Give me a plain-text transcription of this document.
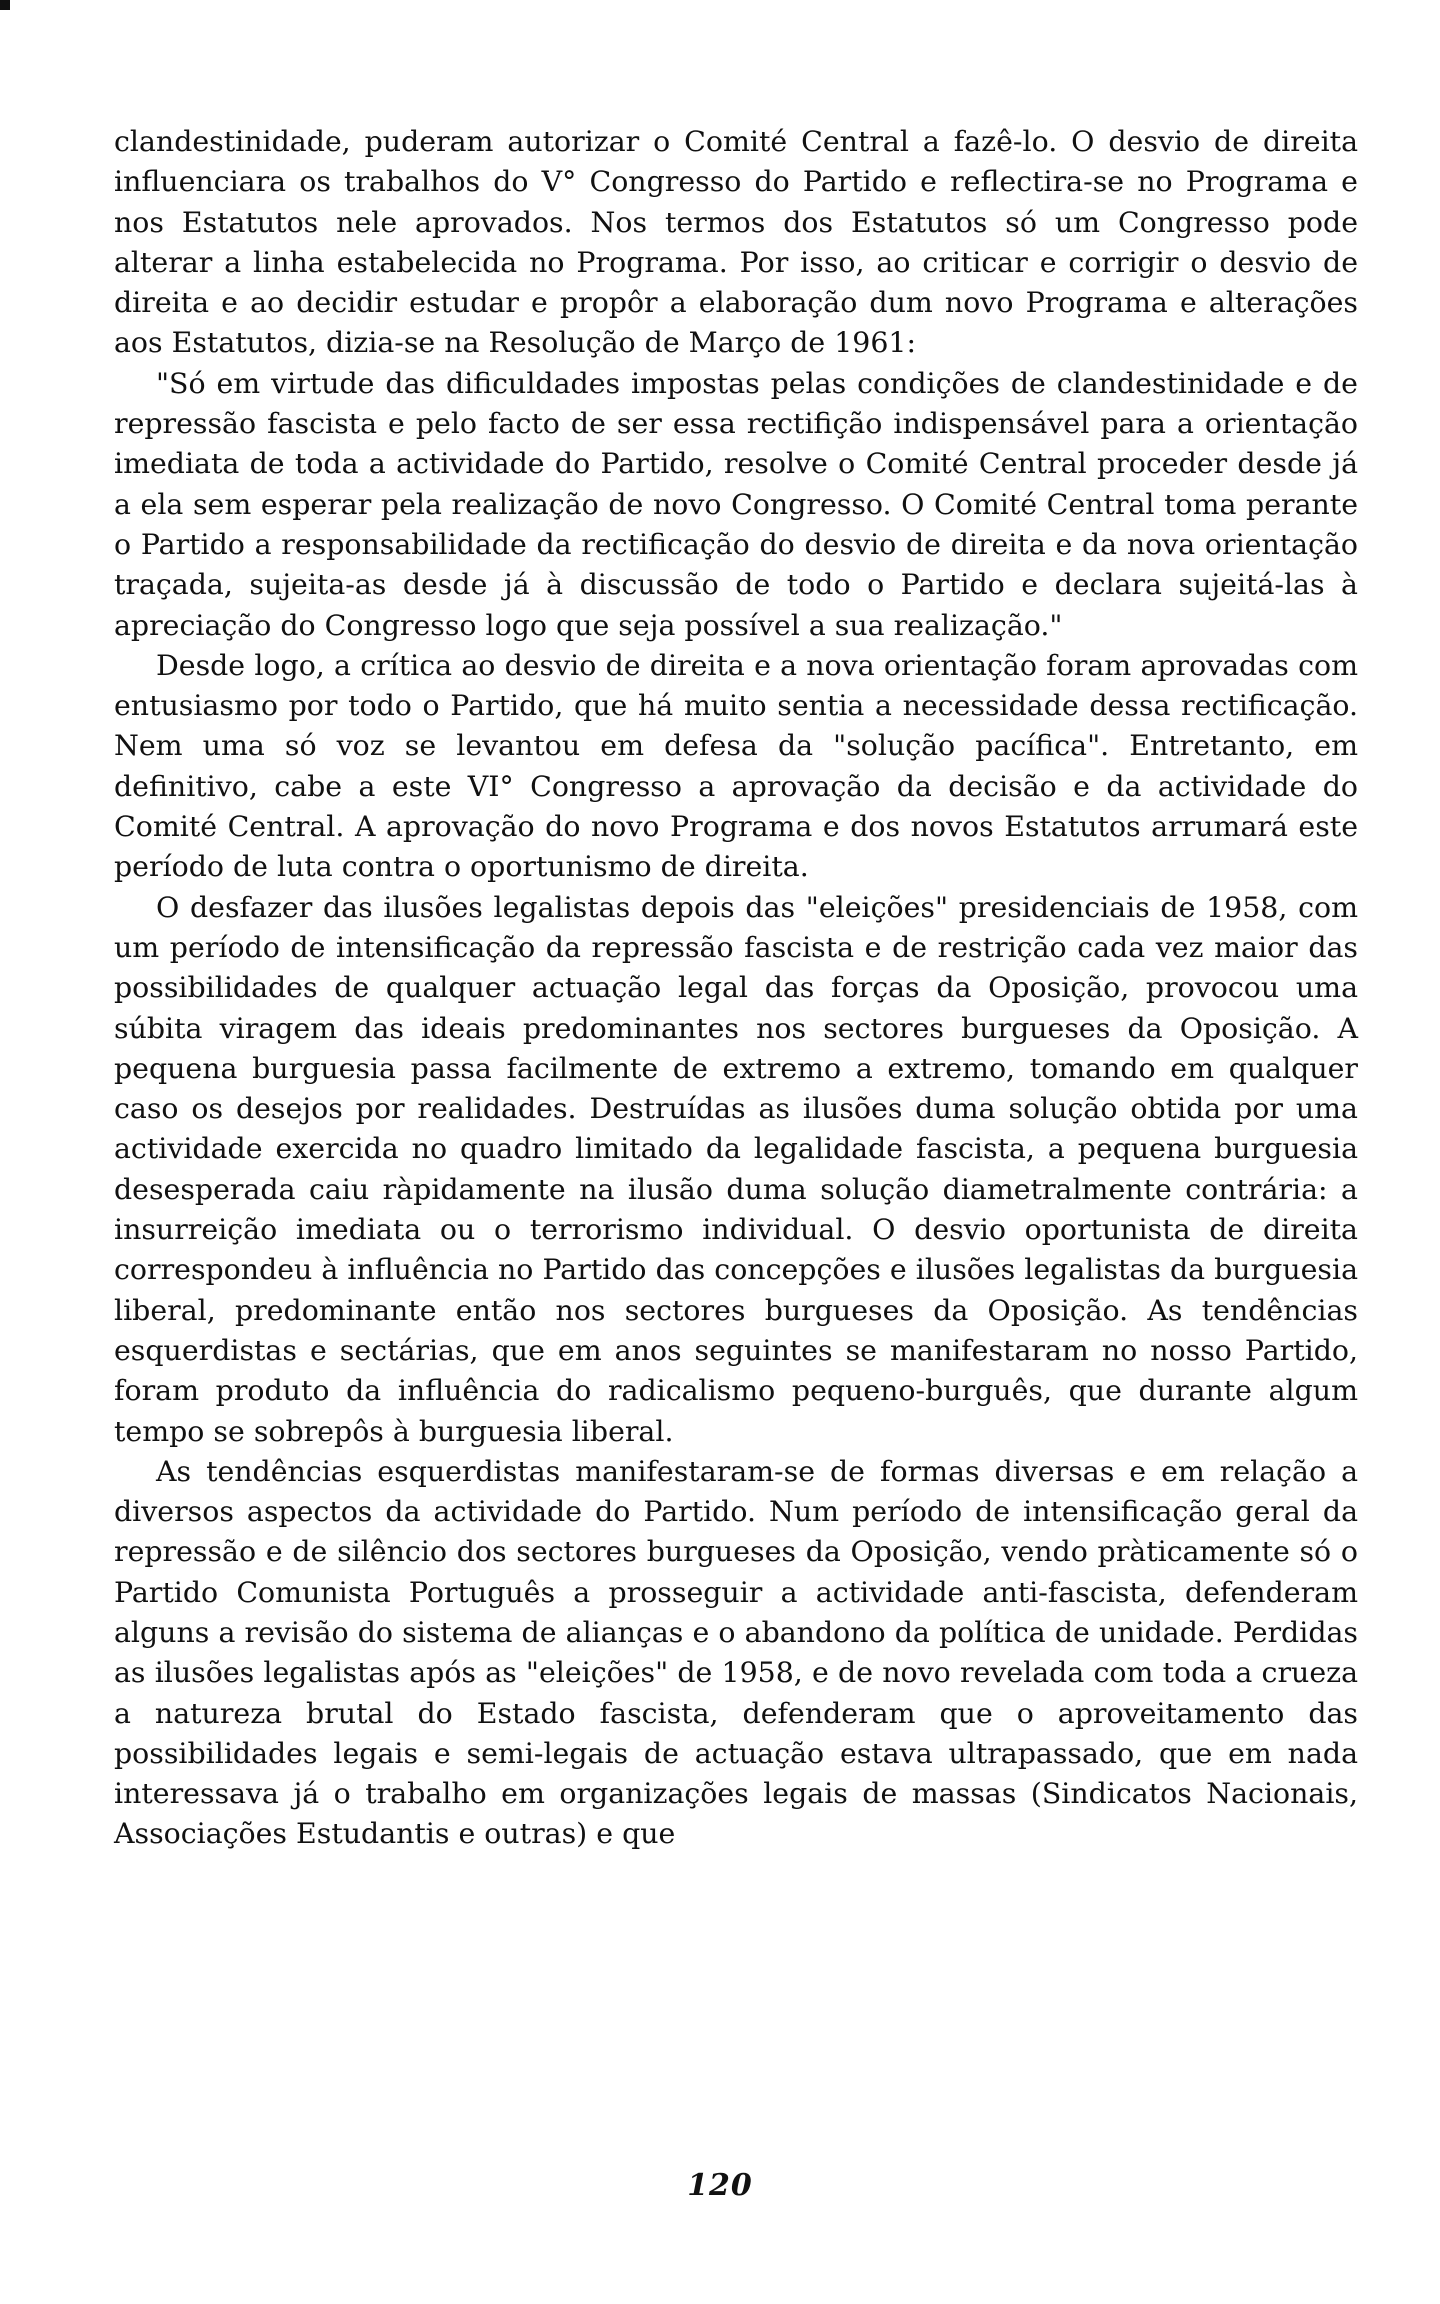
clandestinidade, puderam autorizar o Comité Central a fazê-lo. O desvio de direita influenciara os trabalhos do V° Congresso do Partido e reflectira-se no Programa e nos Estatutos nele aprovados. Nos termos dos Estatutos só um Congresso pode alterar a linha estabelecida no Programa. Por isso, ao criticar e corrigir o desvio de direita e ao decidir estudar e propôr a elaboração dum novo Programa e alterações aos Estatutos, dizia-se na Resolução de Março de 1961:

"Só em virtude das dificuldades impostas pelas condições de clandestinidade e de repressão fascista e pelo facto de ser essa rectifição indispensável para a orientação imediata de toda a actividade do Partido, resolve o Comité Central proceder desde já a ela sem esperar pela realização de novo Congresso. O Comité Central toma perante o Partido a responsabilidade da rectificação do desvio de direita e da nova orientação traçada, sujeita-as desde já à discussão de todo o Partido e declara sujeitá-las à apreciação do Congresso logo que seja possível a sua realização."

Desde logo, a crítica ao desvio de direita e a nova orientação foram aprovadas com entusiasmo por todo o Partido, que há muito sentia a necessidade dessa rectificação. Nem uma só voz se levantou em defesa da "solução pacífica". Entretanto, em definitivo, cabe a este VI° Congresso a aprovação da decisão e da actividade do Comité Central. A aprovação do novo Programa e dos novos Estatutos arrumará este período de luta contra o oportunismo de direita.

O desfazer das ilusões legalistas depois das "eleições" presidenciais de 1958, com um período de intensificação da repressão fascista e de restrição cada vez maior das possibilidades de qualquer actuação legal das forças da Oposição, provocou uma súbita viragem das ideais predominantes nos sectores burgueses da Oposição. A pequena burguesia passa facilmente de extremo a extremo, tomando em qualquer caso os desejos por realidades. Destruídas as ilusões duma solução obtida por uma actividade exercida no quadro limitado da legalidade fascista, a pequena burguesia desesperada caiu ràpidamente na ilusão duma solução diametralmente contrária: a insurreição imediata ou o terrorismo individual. O desvio oportunista de direita correspondeu à influência no Partido das concepções e ilusões legalistas da burguesia liberal, predominante então nos sectores burgueses da Oposição. As tendências esquerdistas e sectárias, que em anos seguintes se manifestaram no nosso Partido, foram produto da influência do radicalismo pequeno-burguês, que durante algum tempo se sobrepôs à burguesia liberal.

As tendências esquerdistas manifestaram-se de formas diversas e em relação a diversos aspectos da actividade do Partido. Num período de intensificação geral da repressão e de silêncio dos sectores burgueses da Oposição, vendo pràticamente só o Partido Comunista Português a prosseguir a actividade anti-fascista, defenderam alguns a revisão do sistema de alianças e o abandono da política de unidade. Perdidas as ilusões legalistas após as "eleições" de 1958, e de novo revelada com toda a crueza a natureza brutal do Estado fascista, defenderam que o aproveitamento das possibilidades legais e semi-legais de actuação estava ultrapassado, que em nada interessava já o trabalho em organizações legais de massas (Sindicatos Nacionais, Associações Estudantis e outras) e que

120
